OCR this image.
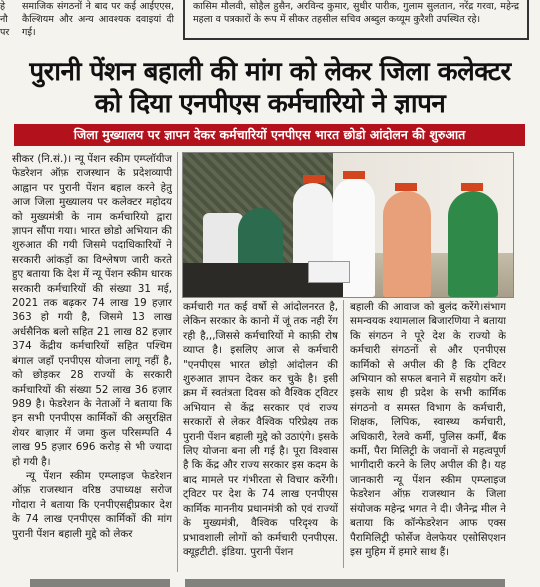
हे
नौ
पर
समाजिक संगठनों ने बाद पर कई आईएएस, कैल्शियम और अन्य आवश्यक दवाइयां दी गई।
कासिम मौलवी, सोहैल हुसैन, अरविन्द कुमार, सुधीर पारीक, गुलाम सुलतान, नरेंद्र गरवा, महेन्द्र महला व पत्रकारों के रूप में सीकर तहसील सचिव अब्दुल कय्यूम कुरैशी उपस्थित रहे।
पुरानी पेंशन बहाली की मांग को लेकर जिला कलेक्टर
को दिया एनपीएस कर्मचारियो ने ज्ञापन
जिला मुख्यालय पर ज्ञापन देकर कर्मचारियों एनपीएस भारत छोडो आंदोलन की शुरुआत

सीकर (नि.सं.)। न्यू पेंशन स्कीम एम्प्लॉयीज फेडरेशन ऑफ़ राजस्थान के प्रदेशव्यापी आह्वान पर पुरानी पेंशन बहाल करने हेतु आज जिला मुख्यालय पर कलेक्टर महोदय को मुख्यमंत्री के नाम कर्मचारियो द्वारा ज्ञापन सौंपा गया। भारत छोडो अभियान की शुरुआत की गयी जिसमे पदाधिकारियों ने सरकारी आंकड़ों का विश्लेषण जारी करते हुए बताया कि देश में न्यू पेंशन स्कीम धारक सरकारी कर्मचारियों की संख्या 31 मई, 2021 तक बढ़कर 74 लाख 19 हज़ार 363 हो गयी है, जिसमे 13 लाख अर्धसैनिक बलो सहित 21 लाख 82 हज़ार 374 केंद्रीय कर्मचारियों सहित पश्चिम बंगाल जहाँ एनपीएस योजना लागू नहीं है, को छोड़कर 28 राज्यों के सरकारी कर्मचारियों की संख्या 52 लाख 36 हज़ार 989 है। फेडरेशन के नेताओं ने बताया कि इन सभी एनपीएस कार्मिकों की असुरक्षित शेयर बाज़ार में जमा कुल परिसम्पति 4 लाख 95 हज़ार 696 करोड़ से भी ज्यादा हो गयी है।

न्यू पेंशन स्कीम एम्प्लाइज फेडरेशन ऑफ़ राजस्थान वरिष्ठ उपाध्यक्ष सरोज गोदारा ने बताया कि एनपीएसद्दीप्रकार देश के 74 लाख एनपीएस कार्मिकों की मांग पुरानी पेंशन बहाली मुद्दे को लेकर

कर्मचारी गत कई वर्षो से आंदोलनरत है, लेकिन सरकार के कानो में जूं तक नही रेंग रही है,,,जिससे कर्मचारियों मे काफ़ी रोष व्याप्त है। इसलिए आज से कर्मचारी "एनपीएस भारत छोड़ो आंदोलन की शुरुआत ज्ञापन देकर कर चुके है। इसी क्रम में स्वतंत्रता दिवस को वैश्विक ट्विटर अभियान से केंद्र सरकार एवं राज्य सरकारों से लेकर वैश्विक परिप्रेक्ष्य तक पुरानी पेंशन बहाली मुद्दे को उठाएंगे। इसके लिए योजना बना ली गई है। पूरा विश्वास है कि केंद्र और राज्य सरकार इस कदम के बाद मामले पर गंभीरता से विचार करेंगी। ट्विटर पर देश के 74 लाख एनपीएस कार्मिक माननीय प्रधानमंत्री को एवं राज्यों के मुख्यमंत्री, वैश्विक परिदृश्य के प्रभावशाली लोगों को कर्मचारी एनपीएस. क्यूइटीटी. इंडिया. पुरानी पेंशन

बहाली की आवाज को बुलंद करेंगे।संभाग समन्वयक श्यामलाल बिजारणिया ने बताया कि संगठन ने पूरे देश के राज्यो के कर्मचारी संगठनों से और एनपीएस कार्मिको से अपील की है कि ट्विटर अभियान को सफल बनाने में सहयोग करें।इसके साथ ही प्रदेश के सभी कार्मिक संगठनो व समस्त विभाग के कर्मचारी, शिक्षक, लिपिक, स्वास्थ्य कर्मचारी, अधिकारी, रेलवे कर्मी, पुलिस कर्मी, बैंक कर्मी, पैरा मिलिट्री के जवानों से महत्वपूर्ण भागीदारी करने के लिए अपील की है। यह जानकारी न्यू पेंशन स्कीम एम्प्लाइज फेडरेशन ऑफ़ राजस्थान के जिला संयोजक महेन्द्र भगत ने दी। जैनेन्द्र मील ने बताया कि कॉन्फेडरेशन आफ एक्स पैरामिलिट्री फोर्सेज वेलफेयर एसोसिएशन इस मुहिम में हमारे साथ हैं।
